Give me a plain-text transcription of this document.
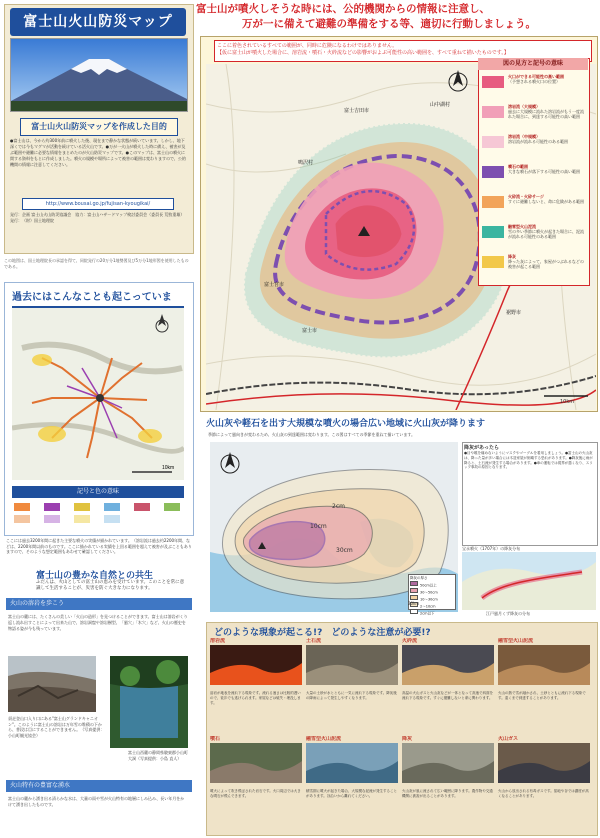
富士山火山防災マップ
富士山火山防災マップを作成した目的
●富士山は、今から約300年前に噴火した後、現在まで静かな状態が続いています。しかし、地下深くでは今もマグマが活動を続けている活火山です。●万が一火山が噴火した時に備え、被害が及ぶ範囲や避難に必要な情報をまとめたのが火山防災マップです。●このマップは、富士山の噴火に関する資料をもとに作成しました。噴火の規模や場所によって被害の範囲は変わりますので、公的機関の情報に注意してください。
http://www.bousai.go.jp/fujisan-kyougikai/
発行：企画 富士山火山防災協議会　協力：富士山ハザードマップ検討委員会（委員長 荒牧重雄）　発行：（財）国土地理院
この地図は、国土地理院長の承認を得て、同院発行の20万分1地勢図及び5万分1地形図を使用したものである。
過去にはこんなことも起こっていま
10km
記号と色の意味
ここには過去3200年間に起きた主要な噴火の実績が描かれています。（溶岩流は過去約2200年間、などは、2200年間以前のものです。ここに描かれている実績を上回る範囲を超えて被害が及ぶこともありますので、そのような想定範囲もあわせて確認してください。
富士山の豊かな自然との共生
ふだんは、火山としての富士山の恵みを受けています。このことを常に意識して生活することが、災害を防ぐ大きな力になります。
火山の溶岩を歩こう
富士山の麓には、たくさんの美しい「火山の造形」を見つけることができます。富士山は溶岩がくり返し流れ出すことによって出来た山で、溶岩洞窟や溶岩樹型、「風穴」「氷穴」など、火山の歴史を物語る姿が今も残っています。
須走登山口入り口にある"富士山グランドキャニオン"。このように富士山の溶岩は万年雪の堆積の下から、普段は目にすることができません。（写真提供：小山町観光協会）
富士山西麓の静岡県駿東郡小山町大洞（写真提供：小島 直人）
火山特有の豊富な湧水
富士山の麓から湧き出る清らかな水は、大量の雨や雪が火山特有の地層にしみ込み、長い年月をかけて湧き出したものです。
富士山が噴火しそうな時には、公的機関からの情報に注意し、
万が一に備えて避難の準備をする等、適切に行動しましょう。
ここに着色されているすべての範囲が、同時に危険になるわけではありません。
【仮に富士山が噴火した場合に、溶岩流・噴石・火砕流などの影響がおよぶ可能性の高い範囲を、すべて重ねて描いたものです。】
富士吉田市
富士宮市
富士市
山中湖村
鳴沢村
裾野市
10km
図の見方と記号の意味
火口ができる可能性の高い範囲
（予想される噴火口の位置）
溶岩流（大規模）
過去に大規模に流れた溶岩流がもう一度流れた場合に、到達する可能性の高い範囲
溶岩流（中規模）
溶岩流が流れる可能性のある範囲
噴石の範囲
大きな噴石が落下する可能性の高い範囲
火砕流・火砕サージ
すぐに避難しないと、命に危険がある範囲
融雪型火山泥流
雪の多い季節に噴火が起きた場合に、泥流が流れる可能性のある範囲
降灰
降った灰によって、家屋がつぶれるなどの被害が起こる範囲
火山灰や軽石を出す大規模な噴火の場合広い地域に火山灰が降ります
季節によって風向きが変わるため、火山灰の到達範囲は変わります。この図はすべての季節を重ねて描いています。
2cm
10cm
30cm
降灰の厚さ
50cm以上
30〜50cm
10〜30cm
2〜10cm
2cm以下
20km
降灰があったら
●目や喉を痛めないようにマスクやゴーグルを着用しましょう。●富士山の火山灰は、降った量が多い場合には木造家屋が倒壊する恐れがあります。●降灰後に雨が降ると、土石流が発生する場合があります。●車の運転では視界が悪くなり、スリップ事故の原因となります。
宝永噴火（1707年）の降灰分布
江戸風月くず降灰の分布
どのような現象が起こる!?　どのような注意が必要!?
溶岩流
溶岩が地表を流れ下る現象です。流れる速さは比較的遅いので、徒歩でも逃げられます。家屋などは焼失・埋没します。
土石流
大量の土砂が水とともに一気に流れ下る現象です。降灰後の降雨によって発生しやすくなります。
火砕流
高温の火山ガスと火山灰などが一体となって高速で斜面を流れ下る現象です。すぐに避難しないと命に関わります。
融雪型火山泥流
火山の熱で雪が融かされ、土砂とともに流れ下る現象です。遠くまで到達することがあります。
噴石
噴火によって吹き飛ばされた岩石です。火口周辺では大きな噴石が飛んできます。
融雪型火山泥流
積雪期に噴火が起きた場合、大規模な泥流が発生することがあります。谷沿いから離れてください。
降灰
火山灰が風に流されて広い範囲に降ります。農作物や交通機関に被害が出ることがあります。
火山ガス
火山から放出される有毒ガスです。窪地や谷では濃度が高くなることがあります。
